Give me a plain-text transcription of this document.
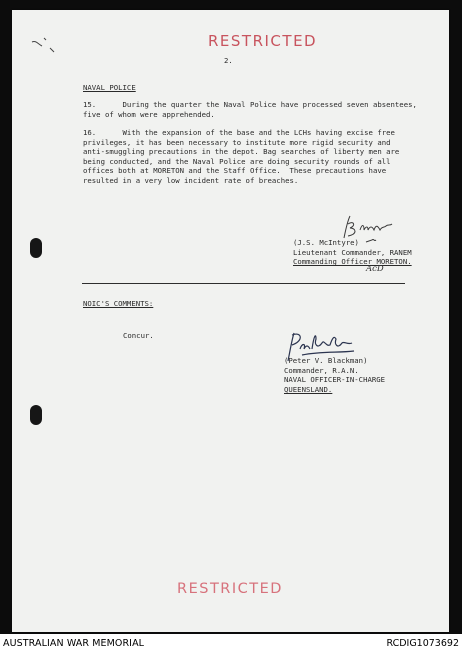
RESTRICTED
2.
NAVAL POLICE
15.      During the quarter the Naval Police have processed seven absentees,
five of whom were apprehended.
16.      With the expansion of the base and the LCHs having excise free
privileges, it has been necessary to institute more rigid security and
anti-smuggling precautions in the depot. Bag searches of liberty men are
being conducted, and the Naval Police are doing security rounds of all
offices both at MORETON and the Staff Office.  These precautions have
resulted in a very low incident rate of breaches.
(J.S. McIntyre)
Lieutenant Commander, RANEM
Commanding Officer MORETON.
AcD
NOIC'S COMMENTS:
Concur.
(Peter V. Blackman)
Commander, R.A.N.
NAVAL OFFICER-IN-CHARGE
QUEENSLAND.
RESTRICTED
AUSTRALIAN WAR MEMORIAL	RCDIG1073692
